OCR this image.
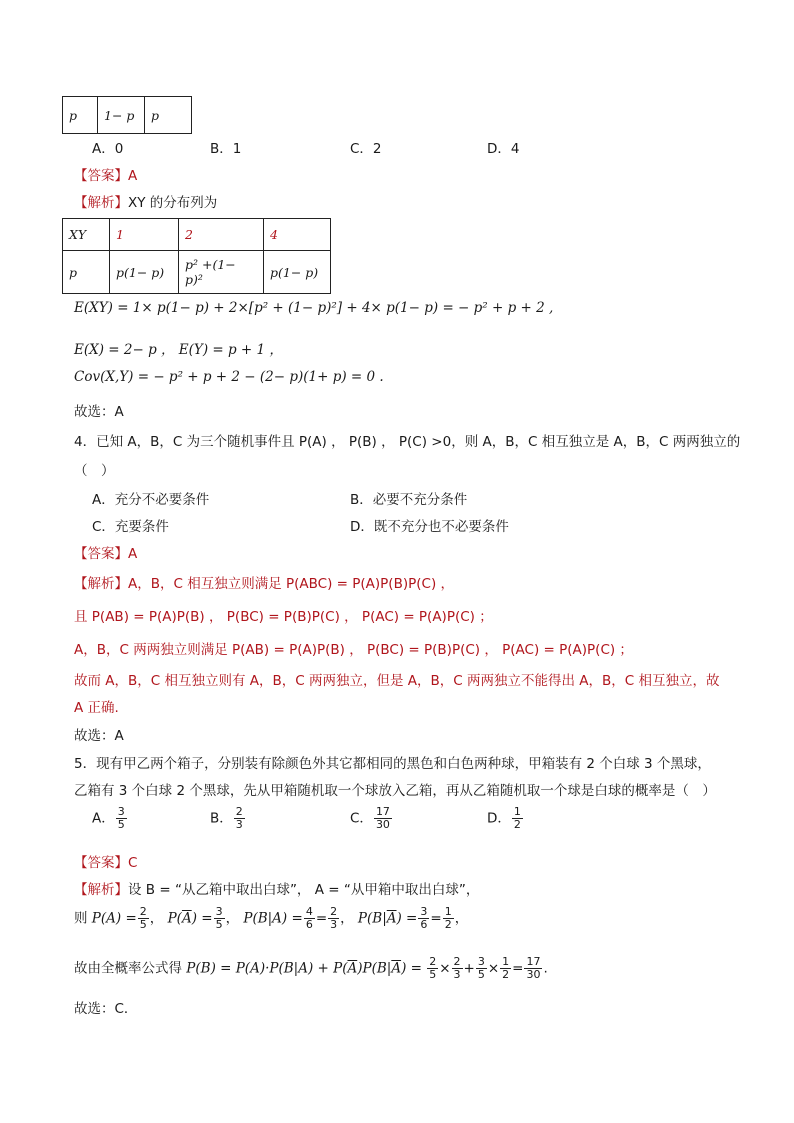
p	1− p	p
A．0	B．1	C．2	D．4
【答案】A
【解析】XY 的分布列为
XY	1	2	4
p	p(1− p)	p² +(1− p)²	p(1− p)
E(XY) = 1× p(1− p) + 2×[p² + (1− p)²] + 4× p(1− p) = − p² + p + 2 ,
E(X) = 2− p ， E(Y) = p + 1 ，
Cov(X,Y) = − p² + p + 2 − (2− p)(1+ p) = 0 .
故选：A
4．已知 A，B，C 为三个随机事件且 P(A) ， P(B) ， P(C) >0，则 A，B，C 相互独立是 A，B，C 两两独立的
（　）
A．充分不必要条件	B．必要不充分条件
C．充要条件	D．既不充分也不必要条件
【答案】A
【解析】A，B，C 相互独立则满足 P(ABC) = P(A)P(B)P(C) ，
且 P(AB) = P(A)P(B) ， P(BC) = P(B)P(C) ， P(AC) = P(A)P(C) ；
A，B，C 两两独立则满足 P(AB) = P(A)P(B) ， P(BC) = P(B)P(C) ， P(AC) = P(A)P(C) ；
故而 A，B，C 相互独立则有 A，B，C 两两独立，但是 A，B，C 两两独立不能得出 A，B，C 相互独立，故
A 正确.
故选：A
5．现有甲乙两个箱子，分别装有除颜色外其它都相同的黑色和白色两种球，甲箱装有 2 个白球 3 个黑球，
乙箱有 3 个白球 2 个黑球，先从甲箱随机取一个球放入乙箱，再从乙箱随机取一个球是白球的概率是（　）
A． $\frac{3}{5}$	B． $\frac{2}{3}$	C． $\frac{17}{30}$	D． $\frac{1}{2}$
【答案】C
【解析】设 B = “从乙箱中取出白球”， A = “从甲箱中取出白球”，
则 $P(A) = \frac{2}{5}$ ， $P(\overline{A}) = \frac{3}{5}$ ， $P(B|A) = \frac{4}{6} = \frac{2}{3}$ ， $P(B|\overline{A}) = \frac{3}{6} = \frac{1}{2}$ ，
故由全概率公式得 $P(B) = P(A)\cdot P(B|A) + P(\overline{A})P(B|\overline{A}) = \frac{2}{5} \times \frac{2}{3} + \frac{3}{5} \times \frac{1}{2} = \frac{17}{30}$ .
故选：C．
